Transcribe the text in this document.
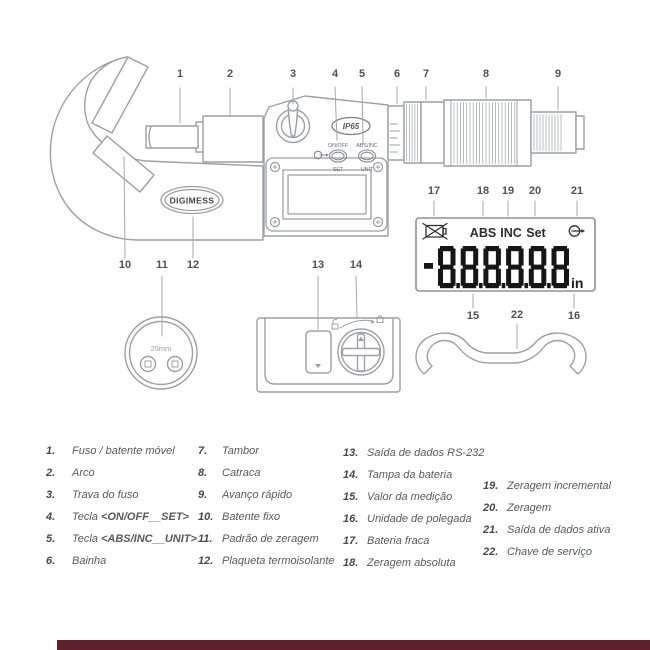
DIGIMESS
IP65
ON/OFF
SET
ABS/INC
UNIT
25mm
ABS INC Set
in
1	2	3	4 5	6 7	8	9
10 11 12	13 14
15	16
17	18 19 20	21
22
1.	Fuso / batente móvel
2.	Arco
3.	Trava do fuso
4.	Tecla <ON/OFF__SET>
5.	Tecla <ABS/INC__UNIT>
6.	Bainha
7.	Tambor
8.	Catraca
9.	Avanço rápido
10. Batente fixo
11. Padrão de zeragem
12. Plaqueta termoisolante
13. Saída de dados RS-232
14. Tampa da bateria
15. Valor da medição
16. Unidade de polegada
17. Bateria fraca
18. Zeragem absoluta
19. Zeragem incremental
20. Zeragem
21. Saída de dados ativa
22. Chave de serviço
